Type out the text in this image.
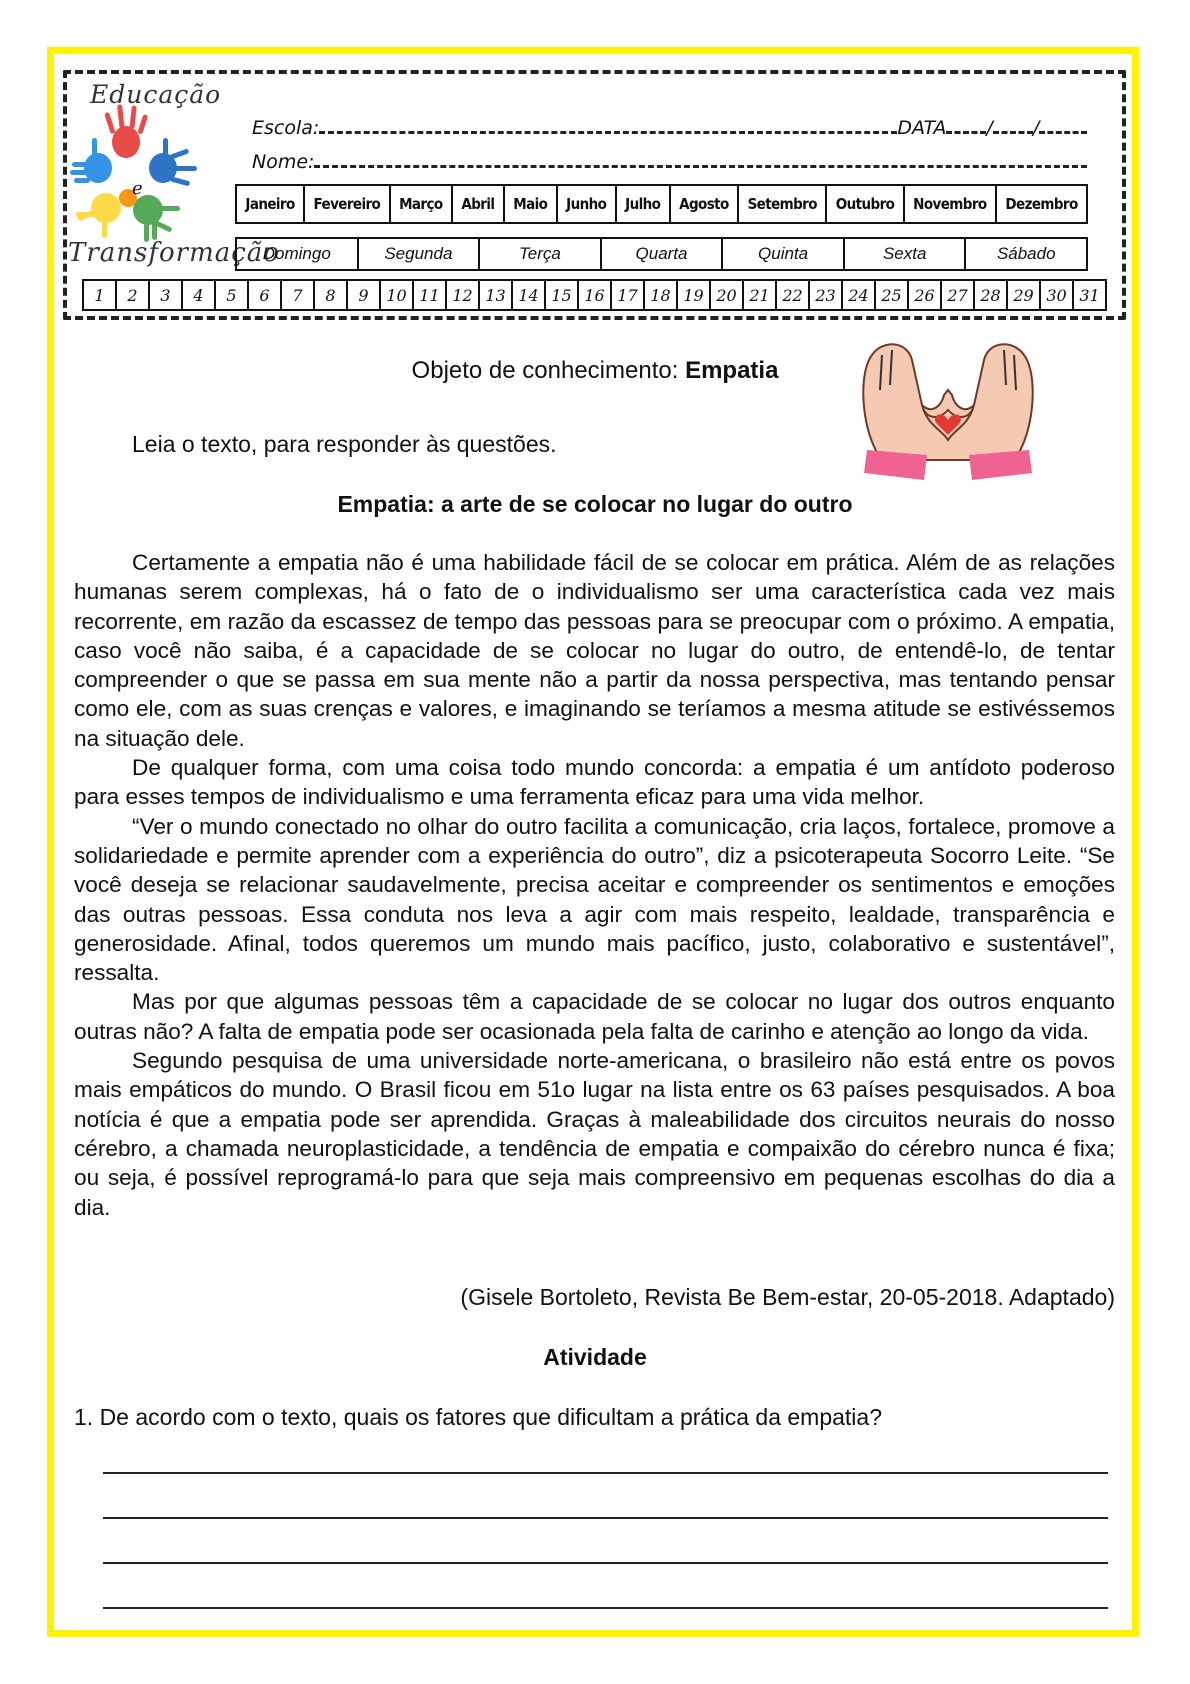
Educação
e
Transformação
Escola:	DATA / /
Nome:
Janeiro	Fevereiro	Março	Abril	Maio	Junho	Julho	Agosto	Setembro	Outubro	Novembro	Dezembro
Domingo	Segunda	Terça	Quarta	Quinta	Sexta	Sábado
1	2	3	4	5	6	7	8	9	10 11 12 13 14 15 16 17 18 19 20 21 22 23 24 25 26 27 28 29 30 31
Objeto de conhecimento: Empatia
Leia o texto, para responder às questões.
Empatia: a arte de se colocar no lugar do outro

Certamente a empatia não é uma habilidade fácil de se colocar em prática. Além de as relações humanas serem complexas, há o fato de o individualismo ser uma característica cada vez mais recorrente, em razão da escassez de tempo das pessoas para se preocupar com o próximo. A empatia, caso você não saiba, é a capacidade de se colocar no lugar do outro, de entendê-lo, de tentar compreender o que se passa em sua mente não a partir da nossa perspectiva, mas tentando pensar como ele, com as suas crenças e valores, e imaginando se teríamos a mesma atitude se estivéssemos na situação dele.

De qualquer forma, com uma coisa todo mundo concorda: a empatia é um antídoto poderoso para esses tempos de individualismo e uma ferramenta eficaz para uma vida melhor.

“Ver o mundo conectado no olhar do outro facilita a comunicação, cria laços, fortalece, promove a solidariedade e permite aprender com a experiência do outro”, diz a psicoterapeuta Socorro Leite. “Se você deseja se relacionar saudavelmente, precisa aceitar e compreender os sentimentos e emoções das outras pessoas. Essa conduta nos leva a agir com mais respeito, lealdade, transparência e generosidade. Afinal, todos queremos um mundo mais pacífico, justo, colaborativo e sustentável”, ressalta.

Mas por que algumas pessoas têm a capacidade de se colocar no lugar dos outros enquanto outras não? A falta de empatia pode ser ocasionada pela falta de carinho e atenção ao longo da vida.

Segundo pesquisa de uma universidade norte-americana, o brasileiro não está entre os povos mais empáticos do mundo. O Brasil ficou em 51o lugar na lista entre os 63 países pesquisados. A boa notícia é que a empatia pode ser aprendida. Graças à maleabilidade dos circuitos neurais do nosso cérebro, a chamada neuroplasticidade, a tendência de empatia e compaixão do cérebro nunca é fixa; ou seja, é possível reprogramá-lo para que seja mais compreensivo em pequenas escolhas do dia a dia.

(Gisele Bortoleto, Revista Be Bem-estar, 20-05-2018. Adaptado)
Atividade
1. De acordo com o texto, quais os fatores que dificultam a prática da empatia?
